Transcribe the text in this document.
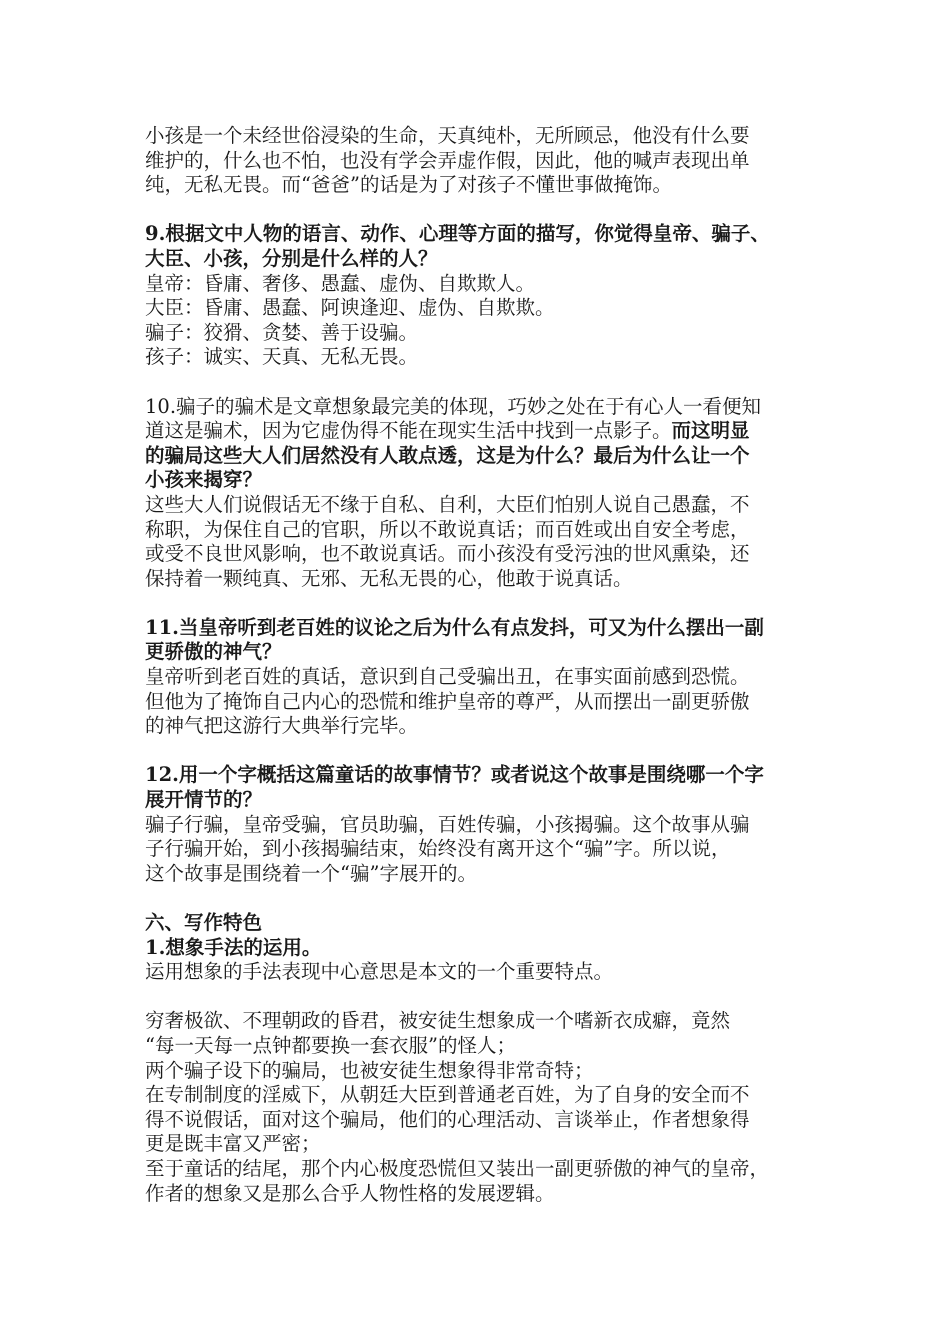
小孩是一个未经世俗浸染的生命，天真纯朴，无所顾忌，他没有什么要
维护的，什么也不怕，也没有学会弄虚作假，因此，他的喊声表现出单
纯，无私无畏。而“爸爸”的话是为了对孩子不懂世事做掩饰。
9.根据文中人物的语言、动作、心理等方面的描写，你觉得皇帝、骗子、
大臣、小孩，分别是什么样的人？
皇帝：昏庸、奢侈、愚蠢、虚伪、自欺欺人。
大臣：昏庸、愚蠢、阿谀逢迎、虚伪、自欺欺。
骗子：狡猾、贪婪、善于设骗。
孩子：诚实、天真、无私无畏。
10.骗子的骗术是文章想象最完美的体现，巧妙之处在于有心人一看便知
道这是骗术，因为它虚伪得不能在现实生活中找到一点影子。而这明显
的骗局这些大人们居然没有人敢点透，这是为什么？最后为什么让一个
小孩来揭穿？
这些大人们说假话无不缘于自私、自利，大臣们怕别人说自己愚蠢，不
称职，为保住自己的官职，所以不敢说真话；而百姓或出自安全考虑，
或受不良世风影响，也不敢说真话。而小孩没有受污浊的世风熏染，还
保持着一颗纯真、无邪、无私无畏的心，他敢于说真话。
11.当皇帝听到老百姓的议论之后为什么有点发抖，可又为什么摆出一副
更骄傲的神气？
皇帝听到老百姓的真话，意识到自己受骗出丑，在事实面前感到恐慌。
但他为了掩饰自己内心的恐慌和维护皇帝的尊严，从而摆出一副更骄傲
的神气把这游行大典举行完毕。
12.用一个字概括这篇童话的故事情节？或者说这个故事是围绕哪一个字
展开情节的？
骗子行骗，皇帝受骗，官员助骗，百姓传骗，小孩揭骗。这个故事从骗
子行骗开始，到小孩揭骗结束，始终没有离开这个“骗”字。所以说，
这个故事是围绕着一个“骗”字展开的。
六、写作特色
1.想象手法的运用。
运用想象的手法表现中心意思是本文的一个重要特点。
穷奢极欲、不理朝政的昏君，被安徒生想象成一个嗜新衣成癖，竟然
“每一天每一点钟都要换一套衣服”的怪人；
两个骗子设下的骗局，也被安徒生想象得非常奇特；
在专制制度的淫威下，从朝廷大臣到普通老百姓，为了自身的安全而不
得不说假话，面对这个骗局，他们的心理活动、言谈举止，作者想象得
更是既丰富又严密；
至于童话的结尾，那个内心极度恐慌但又装出一副更骄傲的神气的皇帝，
作者的想象又是那么合乎人物性格的发展逻辑。
